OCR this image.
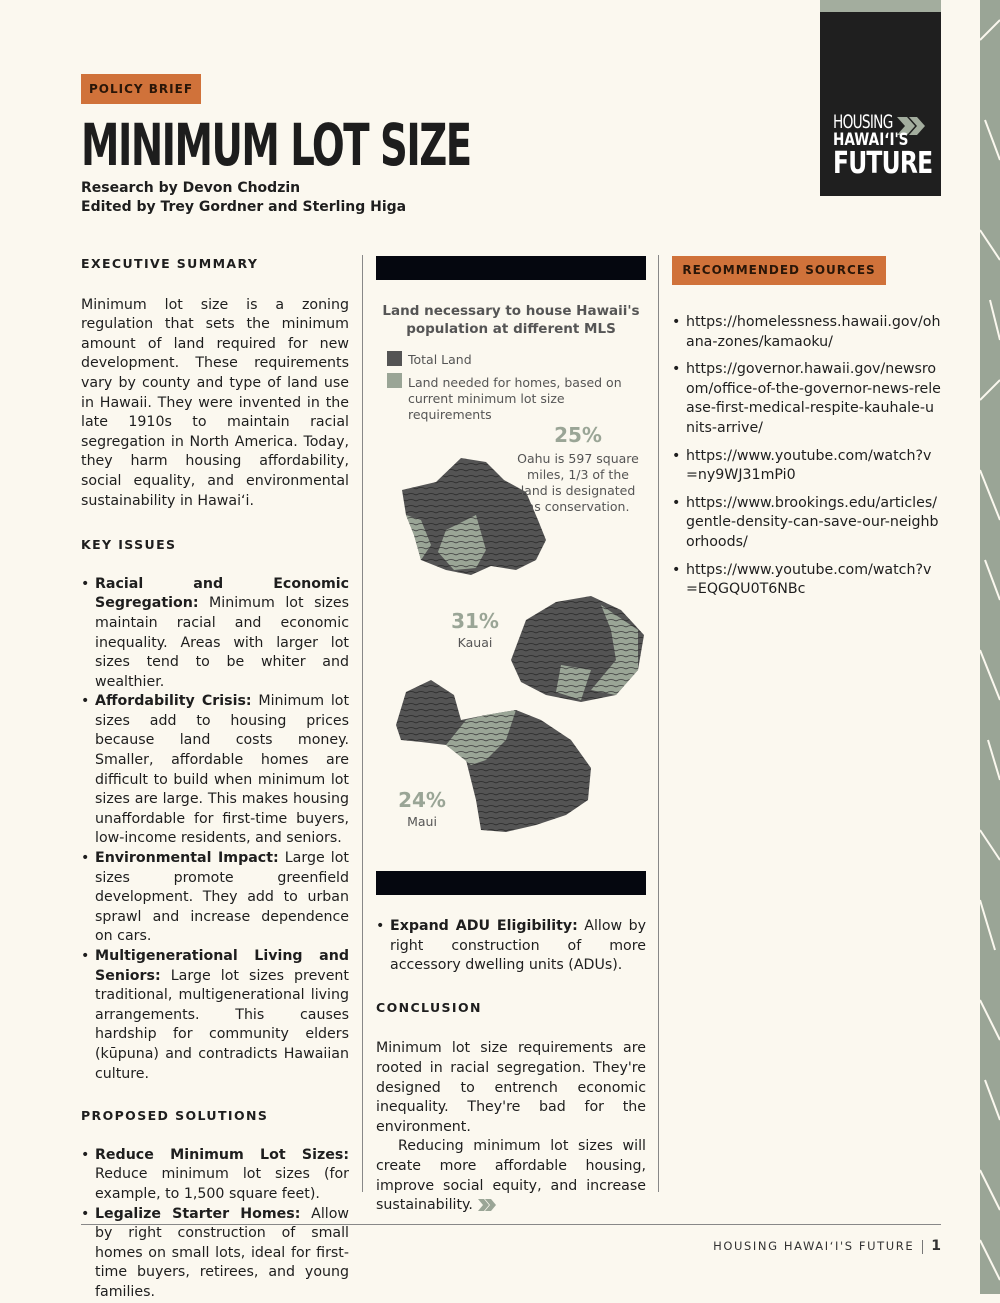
HOUSING
HAWAIʻI'S
FUTURE
POLICY BRIEF
MINIMUM LOT SIZE
Research by Devon Chodzin
Edited by Trey Gordner and Sterling Higa

EXECUTIVE SUMMARY

Minimum lot size is a zoning regulation that sets the minimum amount of land required for new development. These requirements vary by county and type of land use in Hawaii. They were invented in the late 1910s to maintain racial segregation in North America. Today, they harm housing affordability, social equality, and environmental sustainability in Hawaiʻi.

KEY ISSUES

• Racial and Economic Segregation: Minimum lot sizes maintain racial and economic inequality. Areas with larger lot sizes tend to be whiter and wealthier.
• Affordability Crisis: Minimum lot sizes add to housing prices because land costs money. Smaller, affordable homes are difficult to build when minimum lot sizes are large. This makes housing unaffordable for first-time buyers, low-income residents, and seniors.
• Environmental Impact: Large lot sizes promote greenfield development. They add to urban sprawl and increase dependence on cars.
• Multigenerational Living and Seniors: Large lot sizes prevent traditional, multigenerational living arrangements. This causes hardship for community elders (kūpuna) and contradicts Hawaiian culture.

PROPOSED SOLUTIONS

• Reduce Minimum Lot Sizes: Reduce minimum lot sizes (for example, to 1,500 square feet).
• Legalize Starter Homes: Allow by right construction of small homes on small lots, ideal for first-time buyers, retirees, and young families.
Land necessary to house Hawaii's population at different MLS
Total Land
Land needed for homes, based on current minimum lot size requirements
25%
Oahu is 597 square miles, 1/3 of the land is designated as conservation.
31%
Kauai
24%
Maui
• Expand ADU Eligibility: Allow by right construction of more accessory dwelling units (ADUs).

CONCLUSION

Minimum lot size requirements are rooted in racial segregation. They're designed to entrench economic inequality. They're bad for the environment.

Reducing minimum lot sizes will create more affordable housing, improve social equity, and increase sustainability.

RECOMMENDED SOURCES
• https://homelessness.hawaii.gov/ohana-zones/kamaoku/
• https://governor.hawaii.gov/newsroom/office-of-the-governor-news-release-first-medical-respite-kauhale-units-arrive/
• https://www.youtube.com/watch?v=ny9WJ31mPi0
• https://www.brookings.edu/articles/gentle-density-can-save-our-neighborhoods/
• https://www.youtube.com/watch?v=EQGQU0T6NBc
HOUSING HAWAIʻI'S FUTURE 1
